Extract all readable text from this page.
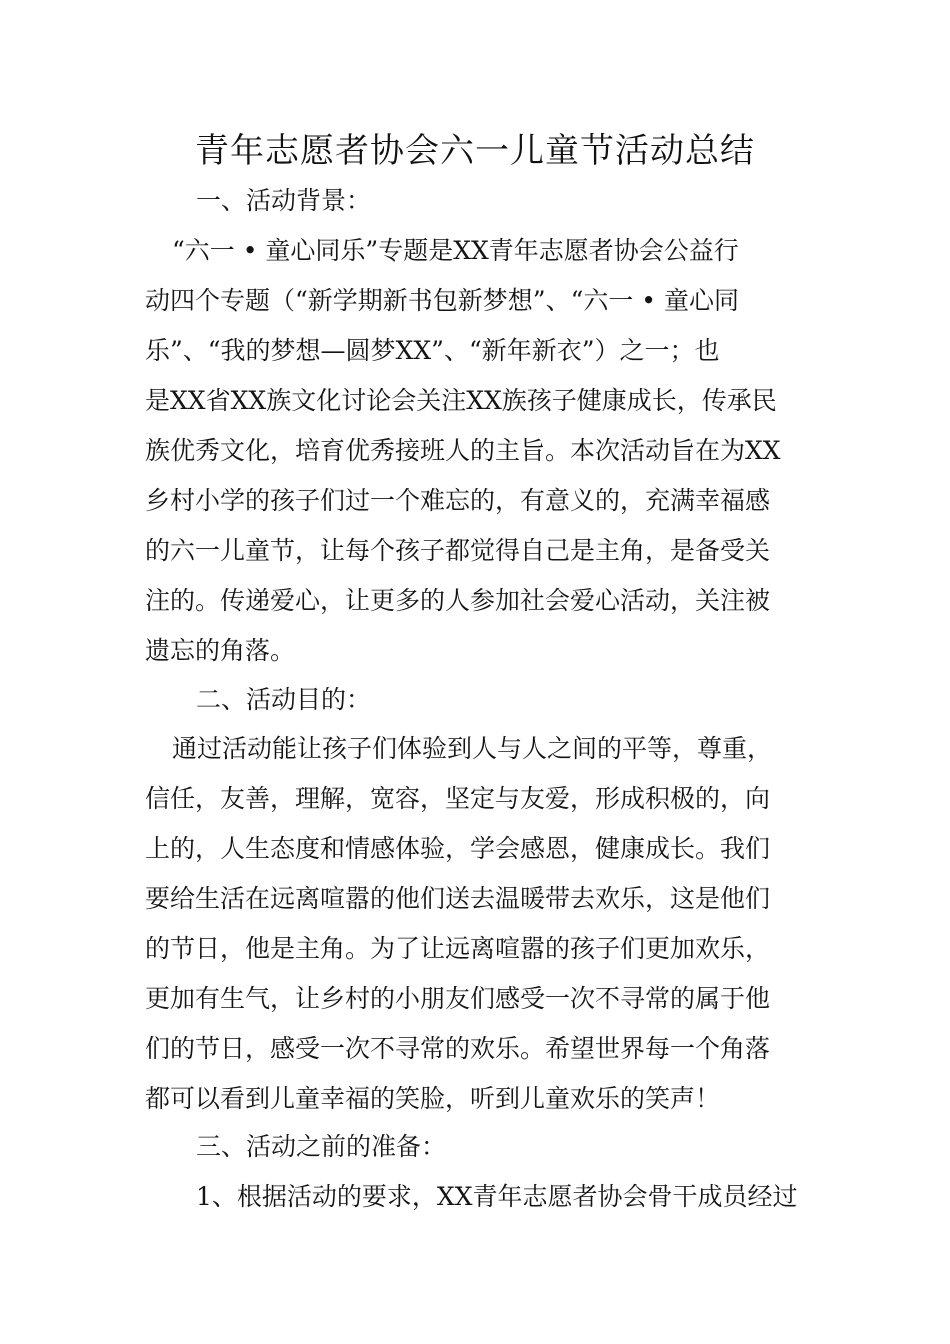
青年志愿者协会六一儿童节活动总结
一、活动背景：
“六一 • 童心同乐”专题是XX青年志愿者协会公益行
动四个专题（“新学期新书包新梦想”、“六一 • 童心同
乐”、“我的梦想—圆梦XX”、“新年新衣”）之一；也
是XX省XX族文化讨论会关注XX族孩子健康成长，传承民
族优秀文化，培育优秀接班人的主旨。本次活动旨在为XX
乡村小学的孩子们过一个难忘的，有意义的，充满幸福感
的六一儿童节，让每个孩子都觉得自己是主角，是备受关
注的。传递爱心，让更多的人参加社会爱心活动，关注被
遗忘的角落。
二、活动目的：
通过活动能让孩子们体验到人与人之间的平等，尊重，
信任，友善，理解，宽容，坚定与友爱，形成积极的，向
上的，人生态度和情感体验，学会感恩，健康成长。我们
要给生活在远离喧嚣的他们送去温暖带去欢乐，这是他们
的节日，他是主角。为了让远离喧嚣的孩子们更加欢乐，
更加有生气，让乡村的小朋友们感受一次不寻常的属于他
们的节日，感受一次不寻常的欢乐。希望世界每一个角落
都可以看到儿童幸福的笑脸，听到儿童欢乐的笑声！
三、活动之前的准备：
1、根据活动的要求，XX青年志愿者协会骨干成员经过
